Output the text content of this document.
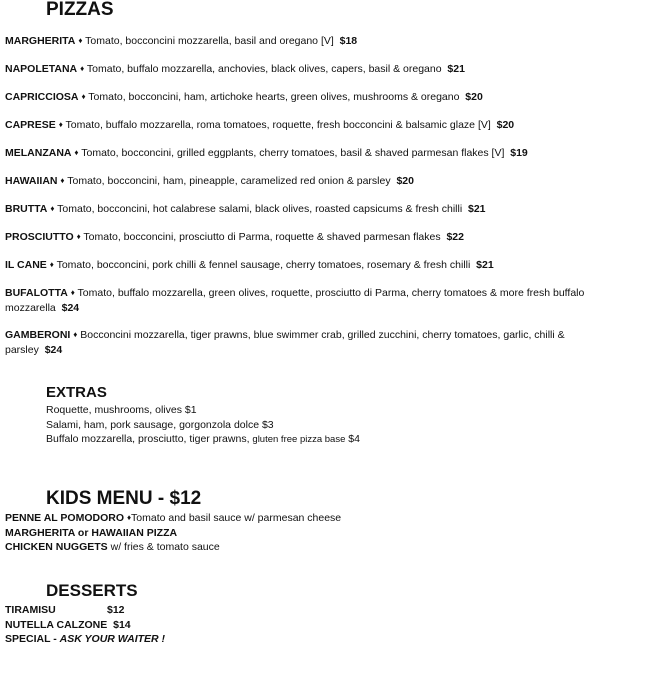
PIZZAS
MARGHERITA ♦ Tomato, bocconcini mozzarella, basil and oregano [V] $18
NAPOLETANA ♦ Tomato, buffalo mozzarella, anchovies, black olives, capers, basil & oregano $21
CAPRICCIOSA ♦ Tomato, bocconcini, ham, artichoke hearts, green olives, mushrooms & oregano $20
CAPRESE ♦ Tomato, buffalo mozzarella, roma tomatoes, roquette, fresh bocconcini & balsamic glaze [V] $20
MELANZANA ♦ Tomato, bocconcini, grilled eggplants, cherry tomatoes, basil & shaved parmesan flakes [V] $19
HAWAIIAN ♦ Tomato, bocconcini, ham, pineapple, caramelized red onion & parsley $20
BRUTTA ♦ Tomato, bocconcini, hot calabrese salami, black olives, roasted capsicums & fresh chilli $21
PROSCIUTTO ♦ Tomato, bocconcini, prosciutto di Parma, roquette & shaved parmesan flakes $22
IL CANE ♦ Tomato, bocconcini, pork chilli & fennel sausage, cherry tomatoes, rosemary & fresh chilli $21
BUFALOTTA ♦ Tomato, buffalo mozzarella, green olives, roquette, prosciutto di Parma, cherry tomatoes & more fresh buffalo
mozzarella $24
GAMBERONI ♦ Bocconcini mozzarella, tiger prawns, blue swimmer crab, grilled zucchini, cherry tomatoes, garlic, chilli &
parsley $24
EXTRAS
Roquette, mushrooms, olives $1
Salami, ham, pork sausage, gorgonzola dolce $3
Buffalo mozzarella, prosciutto, tiger prawns, gluten free pizza base $4
KIDS MENU - $12
PENNE AL POMODORO ♦Tomato and basil sauce w/ parmesan cheese
MARGHERITA or HAWAIIAN PIZZA
CHICKEN NUGGETS w/ fries & tomato sauce
DESSERTS
TIRAMISU	$12
NUTELLA CALZONE $14
SPECIAL - ASK YOUR WAITER !
